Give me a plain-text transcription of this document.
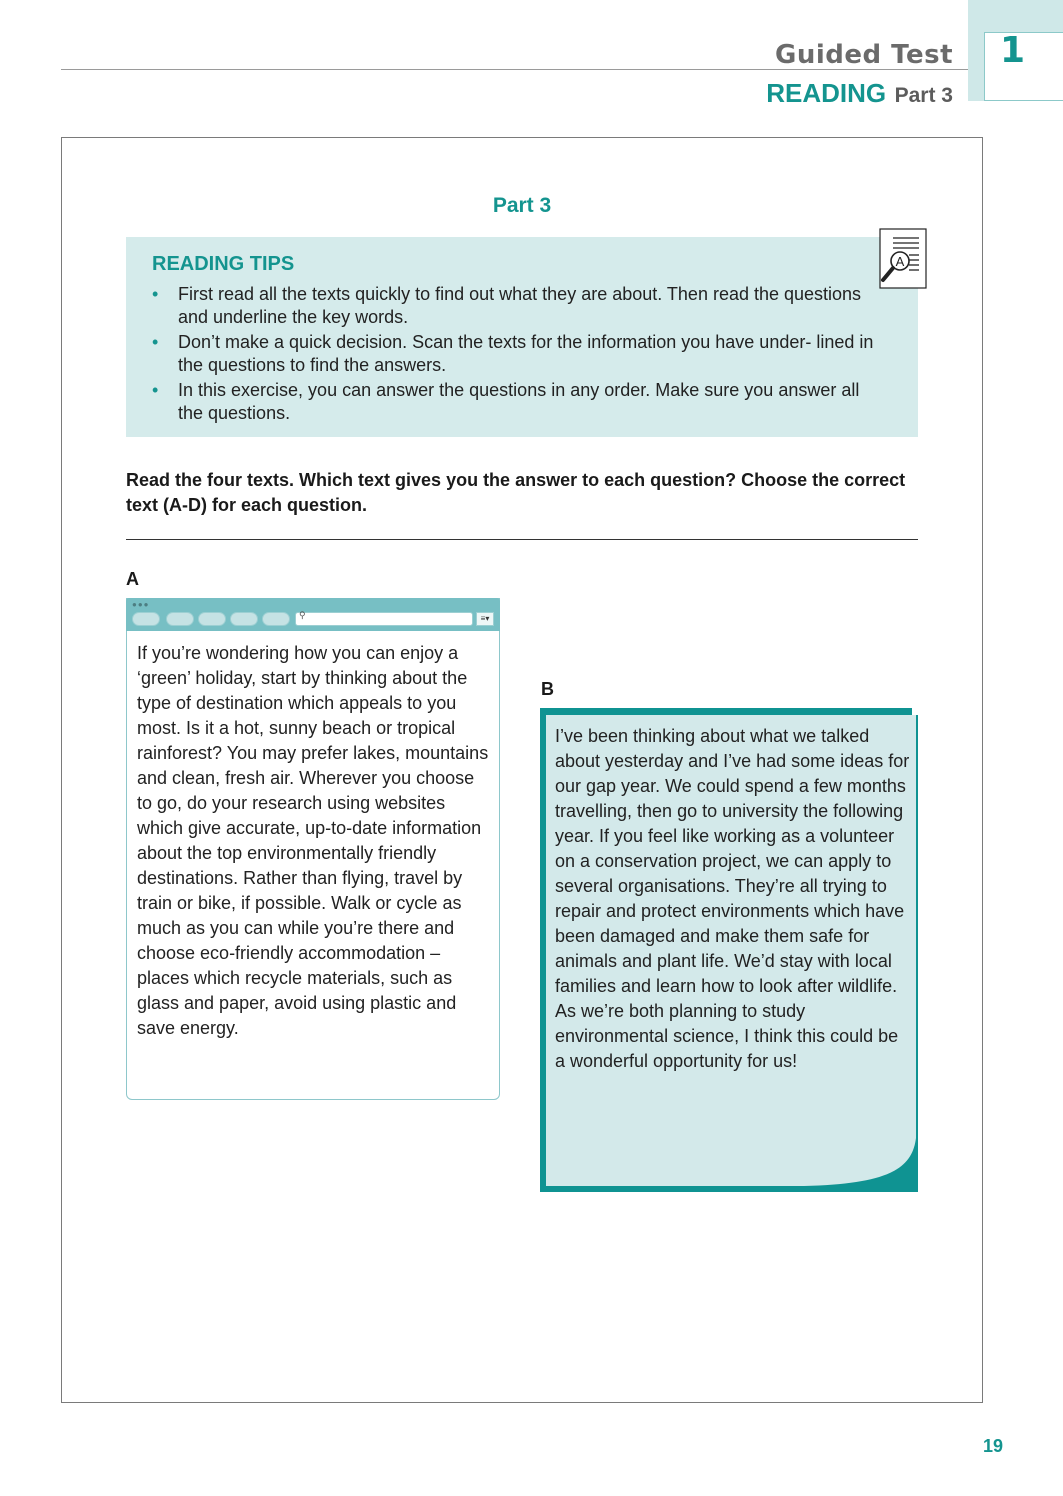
Guided Test
READING Part 3
1
Part 3
READING TIPS
• First read all the texts quickly to find out what they are about. Then read the questions and underline the key words.
• Don’t make a quick decision. Scan the texts for the information you have under- lined in the questions to find the answers.
• In this exercise, you can answer the questions in any order. Make sure you answer all the questions.
A
Read the four texts. Which text gives you the answer to each question? Choose the correct text (A-D) for each question.
A
●●●
⚲	≡▾

If you’re wondering how you can enjoy a ‘green’ holiday, start by thinking about the type of destination which appeals to you most. Is it a hot, sunny beach or tropical rainforest? You may prefer lakes, mountains and clean, fresh air. Wherever you choose to go, do your research using websites which give accurate, up-to-date information about the top environmentally friendly destinations. Rather than flying, travel by train or bike, if possible. Walk or cycle as much as you can while you’re there and choose eco-friendly accommodation – places which recycle materials, such as glass and paper, avoid using plastic and save energy.

B

I’ve been thinking about what we talked about yesterday and I’ve had some ideas for our gap year. We could spend a few months travelling, then go to university the following year. If you feel like working as a volunteer on a conservation project, we can apply to several organisations. They’re all trying to repair and protect environments which have been damaged and make them safe for animals and plant life. We’d stay with local families and learn how to look after wildlife.
As we’re both planning to study environmental science, I think this could be a wonderful opportunity for us!

19
